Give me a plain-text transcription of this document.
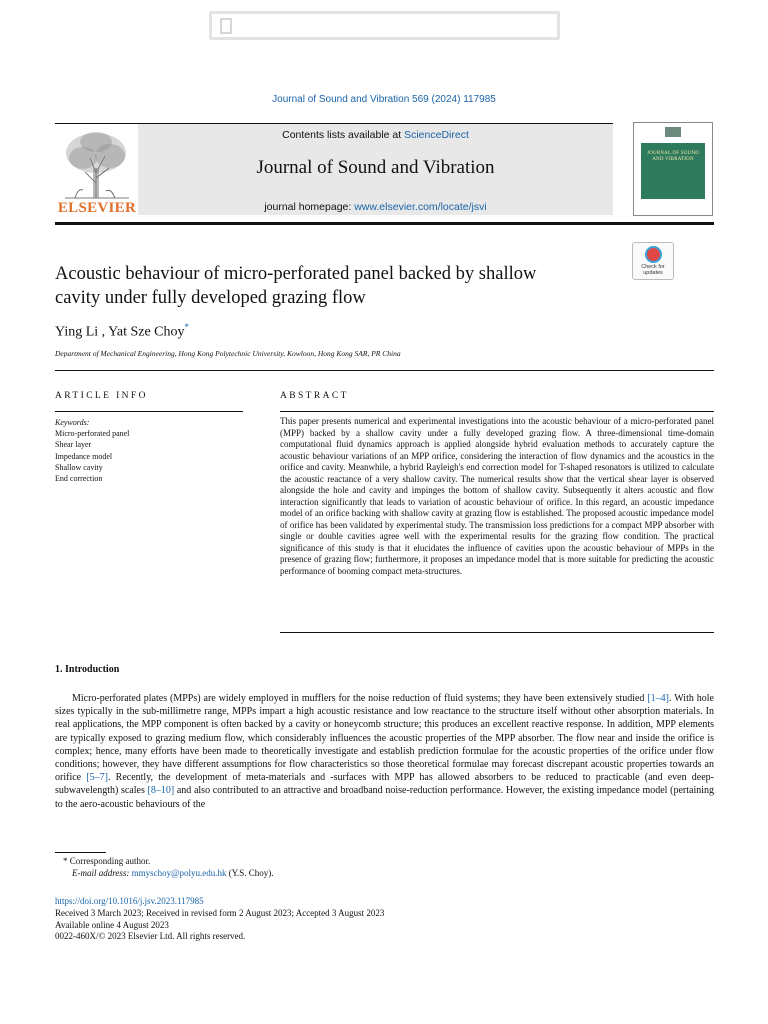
Journal of Sound and Vibration 569 (2024) 117985
ELSEVIER
Contents lists available at ScienceDirect
Journal of Sound and Vibration
journal homepage: www.elsevier.com/locate/jsvi
JOURNAL OF SOUND AND VIBRATION
Acoustic behaviour of micro-perforated panel backed by shallow
cavity under fully developed grazing flow
Check for updates
Ying Li , Yat Sze Choy*
Department of Mechanical Engineering, Hong Kong Polytechnic University, Kowloon, Hong Kong SAR, PR China
ARTICLE INFO	ABSTRACT
Keywords:
Micro-perforated panel
Shear layer
Impedance model
Shallow cavity
End correction
This paper presents numerical and experimental investigations into the acoustic behaviour of a micro-perforated panel (MPP) backed by a shallow cavity under a fully developed grazing flow. A three-dimensional time-domain computational fluid dynamics approach is applied alongside hybrid evaluation methods to accurately capture the acoustic behaviour variations of an MPP orifice, considering the interaction of flow dynamics and the acoustics in the orifice and cavity. Meanwhile, a hybrid Rayleigh's end correction model for T-shaped resonators is utilized to calculate the acoustic reactance of a very shallow cavity. The numerical results show that the vertical shear layer is observed alongside the hole and cavity and impinges the bottom of shallow cavity. Subsequently it alters acoustic and flow interaction significantly that leads to variation of acoustic behaviour of orifice. In this regard, an acoustic impedance model of an orifice backing with shallow cavity at grazing flow is established. The proposed acoustic impedance model of orifice has been validated by experimental study. The transmission loss predictions for a compact MPP absorber with single or double cavities agree well with the experimental results for the grazing flow condition. The practical significance of this study is that it elucidates the influence of cavities upon the acoustic behaviour of MPPs in the presence of grazing flow; furthermore, it proposes an impedance model that is more suitable for predicting the acoustic performance of booming compact meta-structures.
1. Introduction
Micro-perforated plates (MPPs) are widely employed in mufflers for the noise reduction of fluid systems; they have been extensively studied [1–4]. With hole sizes typically in the sub-millimetre range, MPPs impart a high acoustic resistance and low reactance to the structure itself without other absorption materials. In real applications, the MPP component is often backed by a cavity or honeycomb structure; this produces an excellent reactive response. In addition, MPP elements are typically exposed to grazing medium flow, which considerably influences the acoustic properties of the MPP absorber. The flow near and inside the orifice is complex; hence, many efforts have been made to theoretically investigate and establish prediction formulae for the acoustic properties of the orifice under flow conditions; however, they have different assumptions for flow characteristics so those theoretical formulae may forecast discrepant acoustic properties towards an orifice [5–7]. Recently, the development of meta-materials and -surfaces with MPP has allowed absorbers to be reduced to practicable (and even deep-subwavelength) scales [8–10] and also contributed to an attractive and broadband noise-reduction performance. However, the existing impedance model (pertaining to the aero-acoustic behaviours of the
* Corresponding author.
E-mail address: mmyschoy@polyu.edu.hk (Y.S. Choy).
https://doi.org/10.1016/j.jsv.2023.117985
Received 3 March 2023; Received in revised form 2 August 2023; Accepted 3 August 2023
Available online 4 August 2023
0022-460X/© 2023 Elsevier Ltd. All rights reserved.
